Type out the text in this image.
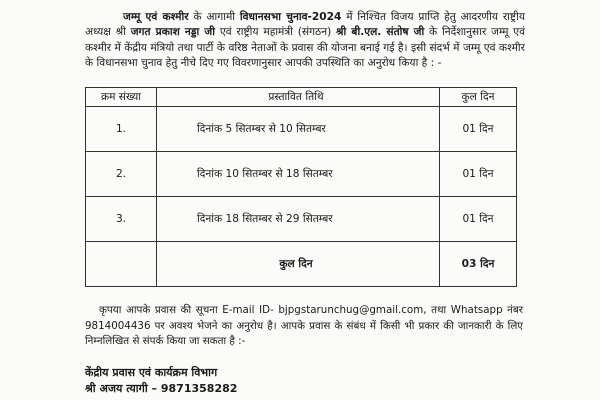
जम्मू एवं कश्मीर के आगामी विधानसभा चुनाव-2024 में निश्चित विजय प्राप्ति हेतु आदरणीय राष्ट्रीय अध्यक्ष श्री जगत प्रकाश नड्डा जी एवं राष्ट्रीय महामंत्री (संगठन) श्री बी.एल. संतोष जी के निर्देशानुसार जम्मू एवं कश्मीर में केंद्रीय मंत्रियो तथा पार्टी के वरिष्ठ नेताओं के प्रवास की योजना बनाई गई है। इसी संदर्भ में जम्मू एवं कश्मीर के विधानसभा चुनाव हेतु नीचे दिए गए विवरणानुसार आपकी उपस्थिति का अनुरोध किया है : -
क्रम संख्या	प्रस्तावित तिथि	कुल दिन
1.	दिनांक 5 सितम्बर से 10 सितम्बर	01 दिन
2.	दिनांक 10 सितम्बर से 18 सितम्बर	01 दिन
3.	दिनांक 18 सितम्बर से 29 सितम्बर	01 दिन
	कुल दिन	03 दिन
कृपया आपके प्रवास की सूचना E-mail ID- bjpgstarunchug@gmail.com, तथा Whatsapp नंबर 9814004436 पर अवश्य भेजने का अनुरोध है। आपके प्रवास के संबंध में किसी भी प्रकार की जानकारी के लिए निम्नलिखित से संपर्क किया जा सकता है :-
केंद्रीय प्रवास एवं कार्यक्रम विभाग
श्री अजय त्यागी – 9871358282
